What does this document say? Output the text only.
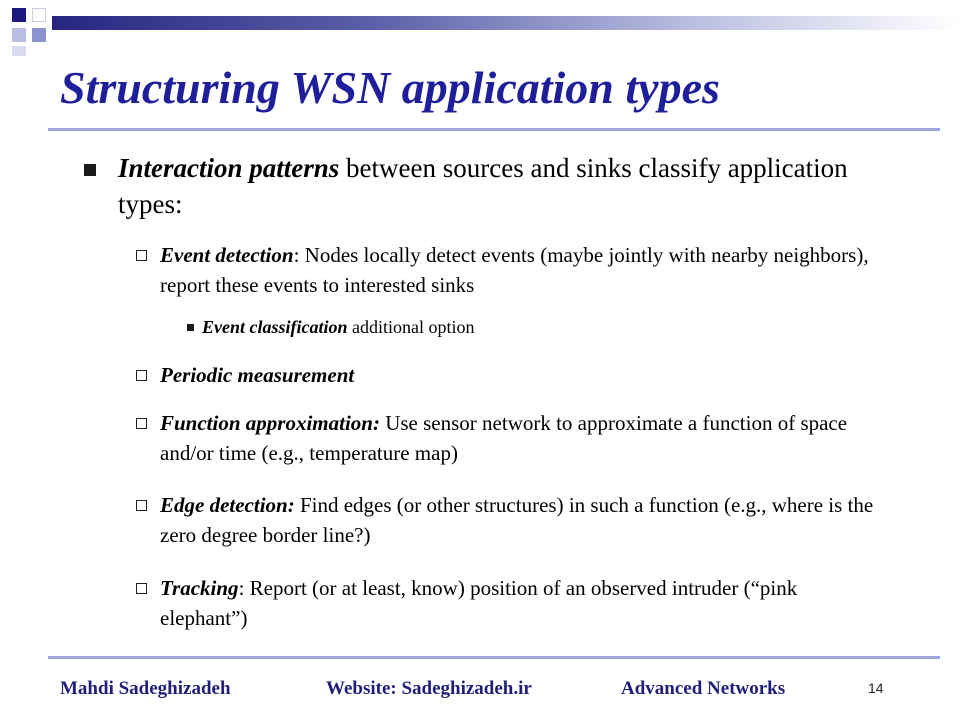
Structuring WSN application types
Interaction patterns between sources and sinks classify application types:
Event detection: Nodes locally detect events (maybe jointly with nearby neighbors), report these events to interested sinks
Event classification additional option
Periodic measurement
Function approximation: Use sensor network to approximate a function of space and/or time (e.g., temperature map)
Edge detection: Find edges (or other structures) in such a function (e.g., where is the zero degree border line?)
Tracking: Report (or at least, know) position of an observed intruder (“pink elephant”)
Mahdi Sadeghizadeh	Website: Sadeghizadeh.ir	Advanced Networks	14
